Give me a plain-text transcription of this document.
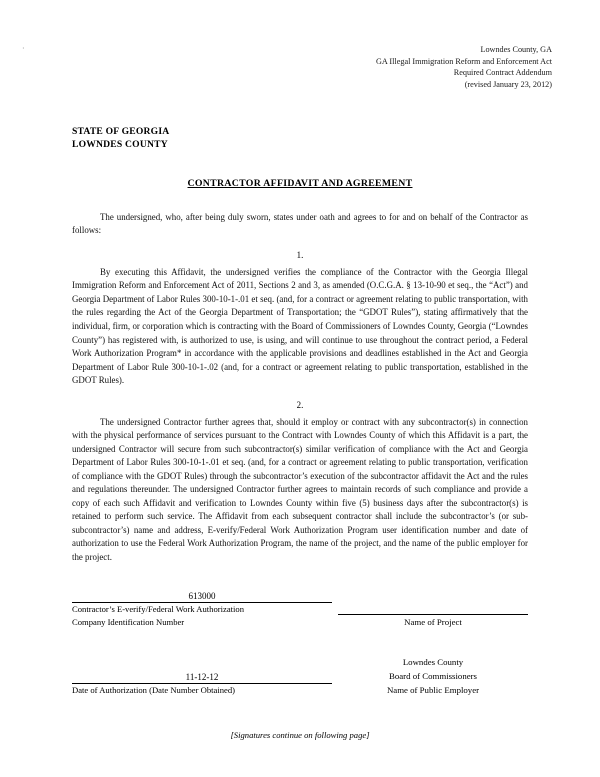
·	Lowndes County, GA
GA Illegal Immigration Reform and Enforcement Act
Required Contract Addendum
(revised January 23, 2012)
STATE OF GEORGIA
LOWNDES COUNTY
CONTRACTOR AFFIDAVIT AND AGREEMENT

The undersigned, who, after being duly sworn, states under oath and agrees to for and on behalf of the Contractor as follows:

1.

By executing this Affidavit, the undersigned verifies the compliance of the Contractor with the Georgia Illegal Immigration Reform and Enforcement Act of 2011, Sections 2 and 3, as amended (O.C.G.A. § 13-10-90 et seq., the “Act”) and Georgia Department of Labor Rules 300-10-1-.01 et seq. (and, for a contract or agreement relating to public transportation, with the rules regarding the Act of the Georgia Department of Transportation; the “GDOT Rules”), stating affirmatively that the individual, firm, or corporation which is contracting with the Board of Commissioners of Lowndes County, Georgia (“Lowndes County”) has registered with, is authorized to use, is using, and will continue to use throughout the contract period, a Federal Work Authorization Program* in accordance with the applicable provisions and deadlines established in the Act and Georgia Department of Labor Rule 300-10-1-.02 (and, for a contract or agreement relating to public transportation, established in the GDOT Rules).

2.

The undersigned Contractor further agrees that, should it employ or contract with any subcontractor(s) in connection with the physical performance of services pursuant to the Contract with Lowndes County of which this Affidavit is a part, the undersigned Contractor will secure from such subcontractor(s) similar verification of compliance with the Act and Georgia Department of Labor Rules 300-10-1-.01 et seq. (and, for a contract or agreement relating to public transportation, verification of compliance with the GDOT Rules) through the subcontractor’s execution of the subcontractor affidavit the Act and the rules and regulations thereunder. The undersigned Contractor further agrees to maintain records of such compliance and provide a copy of each such Affidavit and verification to Lowndes County within five (5) business days after the subcontractor(s) is retained to perform such service. The Affidavit from each subsequent contractor shall include the subcontractor’s (or sub-subcontractor’s) name and address, E-verify/Federal Work Authorization Program user identification number and date of authorization to use the Federal Work Authorization Program, the name of the project, and the name of the public employer for the project.

613000
Contractor’s E-verify/Federal Work Authorization
Company Identification Number	Name of Project
11-12-12
Date of Authorization (Date Number Obtained)
Lowndes County
Board of Commissioners
Name of Public Employer
[Signatures continue on following page]
